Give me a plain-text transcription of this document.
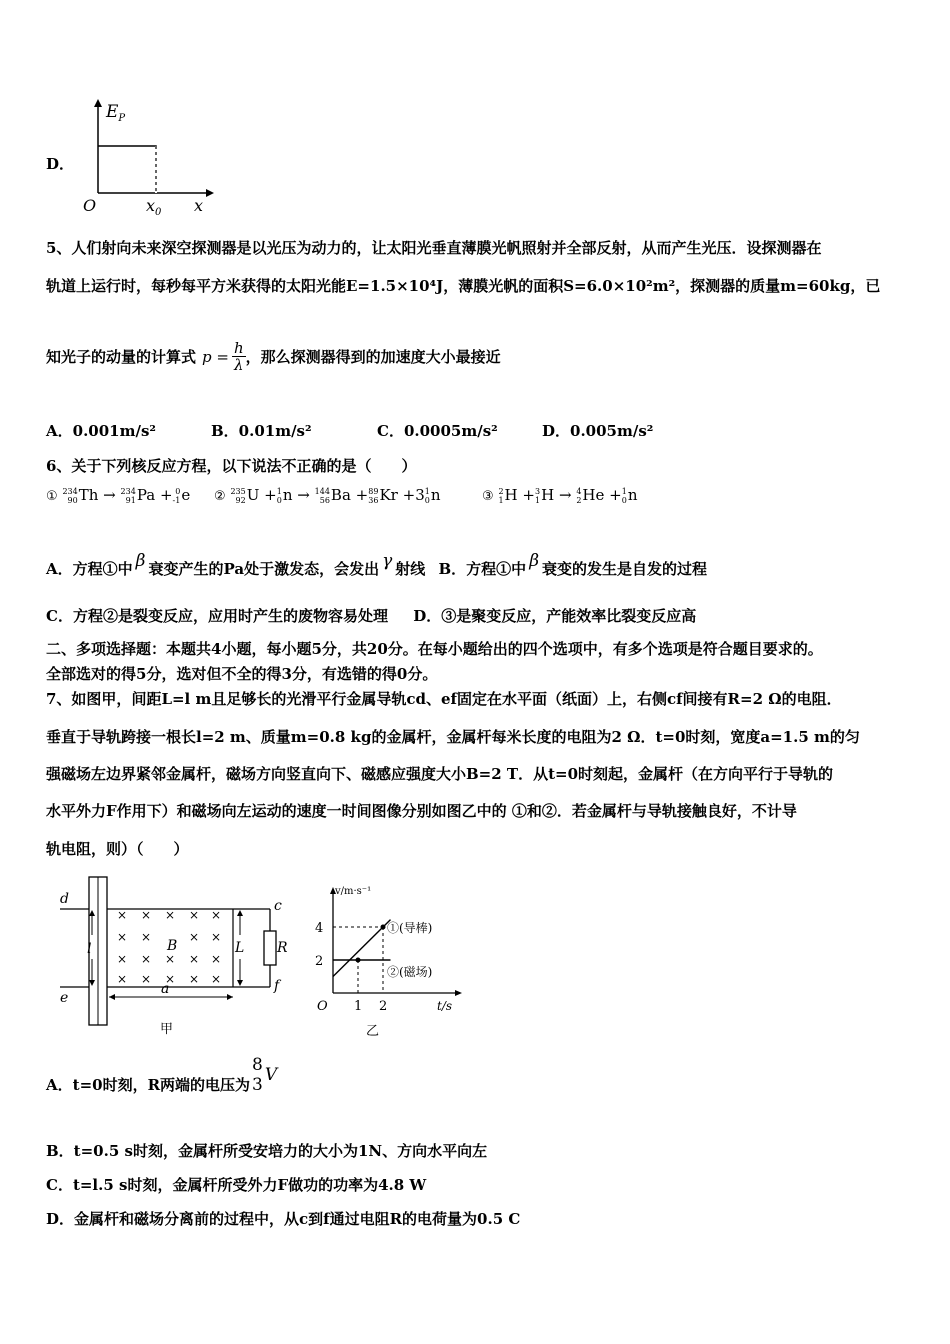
D．
$E_P$
O	$x_0$ x
5、人们射向未来深空探测器是以光压为动力的，让太阳光垂直薄膜光帆照射并全部反射，从而产生光压．设探测器在
轨道上运行时，每秒每平方米获得的太阳光能E=1.5×10⁴J，薄膜光帆的面积S=6.0×10²m²，探测器的质量m=60kg，已
知光子的动量的计算式 $p = \frac{h}{\lambda}$ ，那么探测器得到的加速度大小最接近
A．0.001m/s²	B．0.01m/s²	C．0.0005m/s²	D．0.005m/s²
6、关于下列核反应方程，以下说法不正确的是（　　）
① 234
90 Th → 234
91 Pa + 0
-1 e ② 235
92 U + 1
0 n → 144
56 Ba + 89
36 Kr +3 1
0 n	③ 2
1 H + 3
1 H → 4
2 He + 1
0 n
A．方程①中 β 衰变产生的Pa处于激发态，会发出 γ 射线 B．方程①中 β 衰变的发生是自发的过程
C．方程②是裂变反应，应用时产生的废物容易处理 D．③是聚变反应，产能效率比裂变反应高
二、多项选择题：本题共4小题，每小题5分，共20分。在每小题给出的四个选项中，有多个选项是符合题目要求的。
全部选对的得5分，选对但不全的得3分，有选错的得0分。
7、如图甲，间距L=l m且足够长的光滑平行金属导轨cd、ef固定在水平面（纸面）上，右侧cf间接有R=2 Ω的电阻．
垂直于导轨跨接一根长l=2 m、质量m=0.8 kg的金属杆，金属杆每米长度的电阻为2 Ω．t=0时刻，宽度a=1.5 m的匀
强磁场左边界紧邻金属杆，磁场方向竖直向下、磁感应强度大小B=2 T．从t=0时刻起，金属杆（在方向平行于导轨的
水平外力F作用下）和磁场向左运动的速度一时间图像分别如图乙中的 ①和②．若金属杆与导轨接触良好，不计导
轨电阻，则）（　　）
× × × × ×
× ×	× ×
× × × × ×
× × × × ×
d
e
c
f
l	B	L R
a
甲
v/m·s⁻¹
t/s
O
2
4
1 2
①(导棒)
②(磁场)
乙
A．t=0时刻，R两端的电压为
8
3 V
B．t=0.5 s时刻，金属杆所受安培力的大小为1N、方向水平向左
C．t=l.5 s时刻，金属杆所受外力F做功的功率为4.8 W
D．金属杆和磁场分离前的过程中，从c到f通过电阻R的电荷量为0.5 C
